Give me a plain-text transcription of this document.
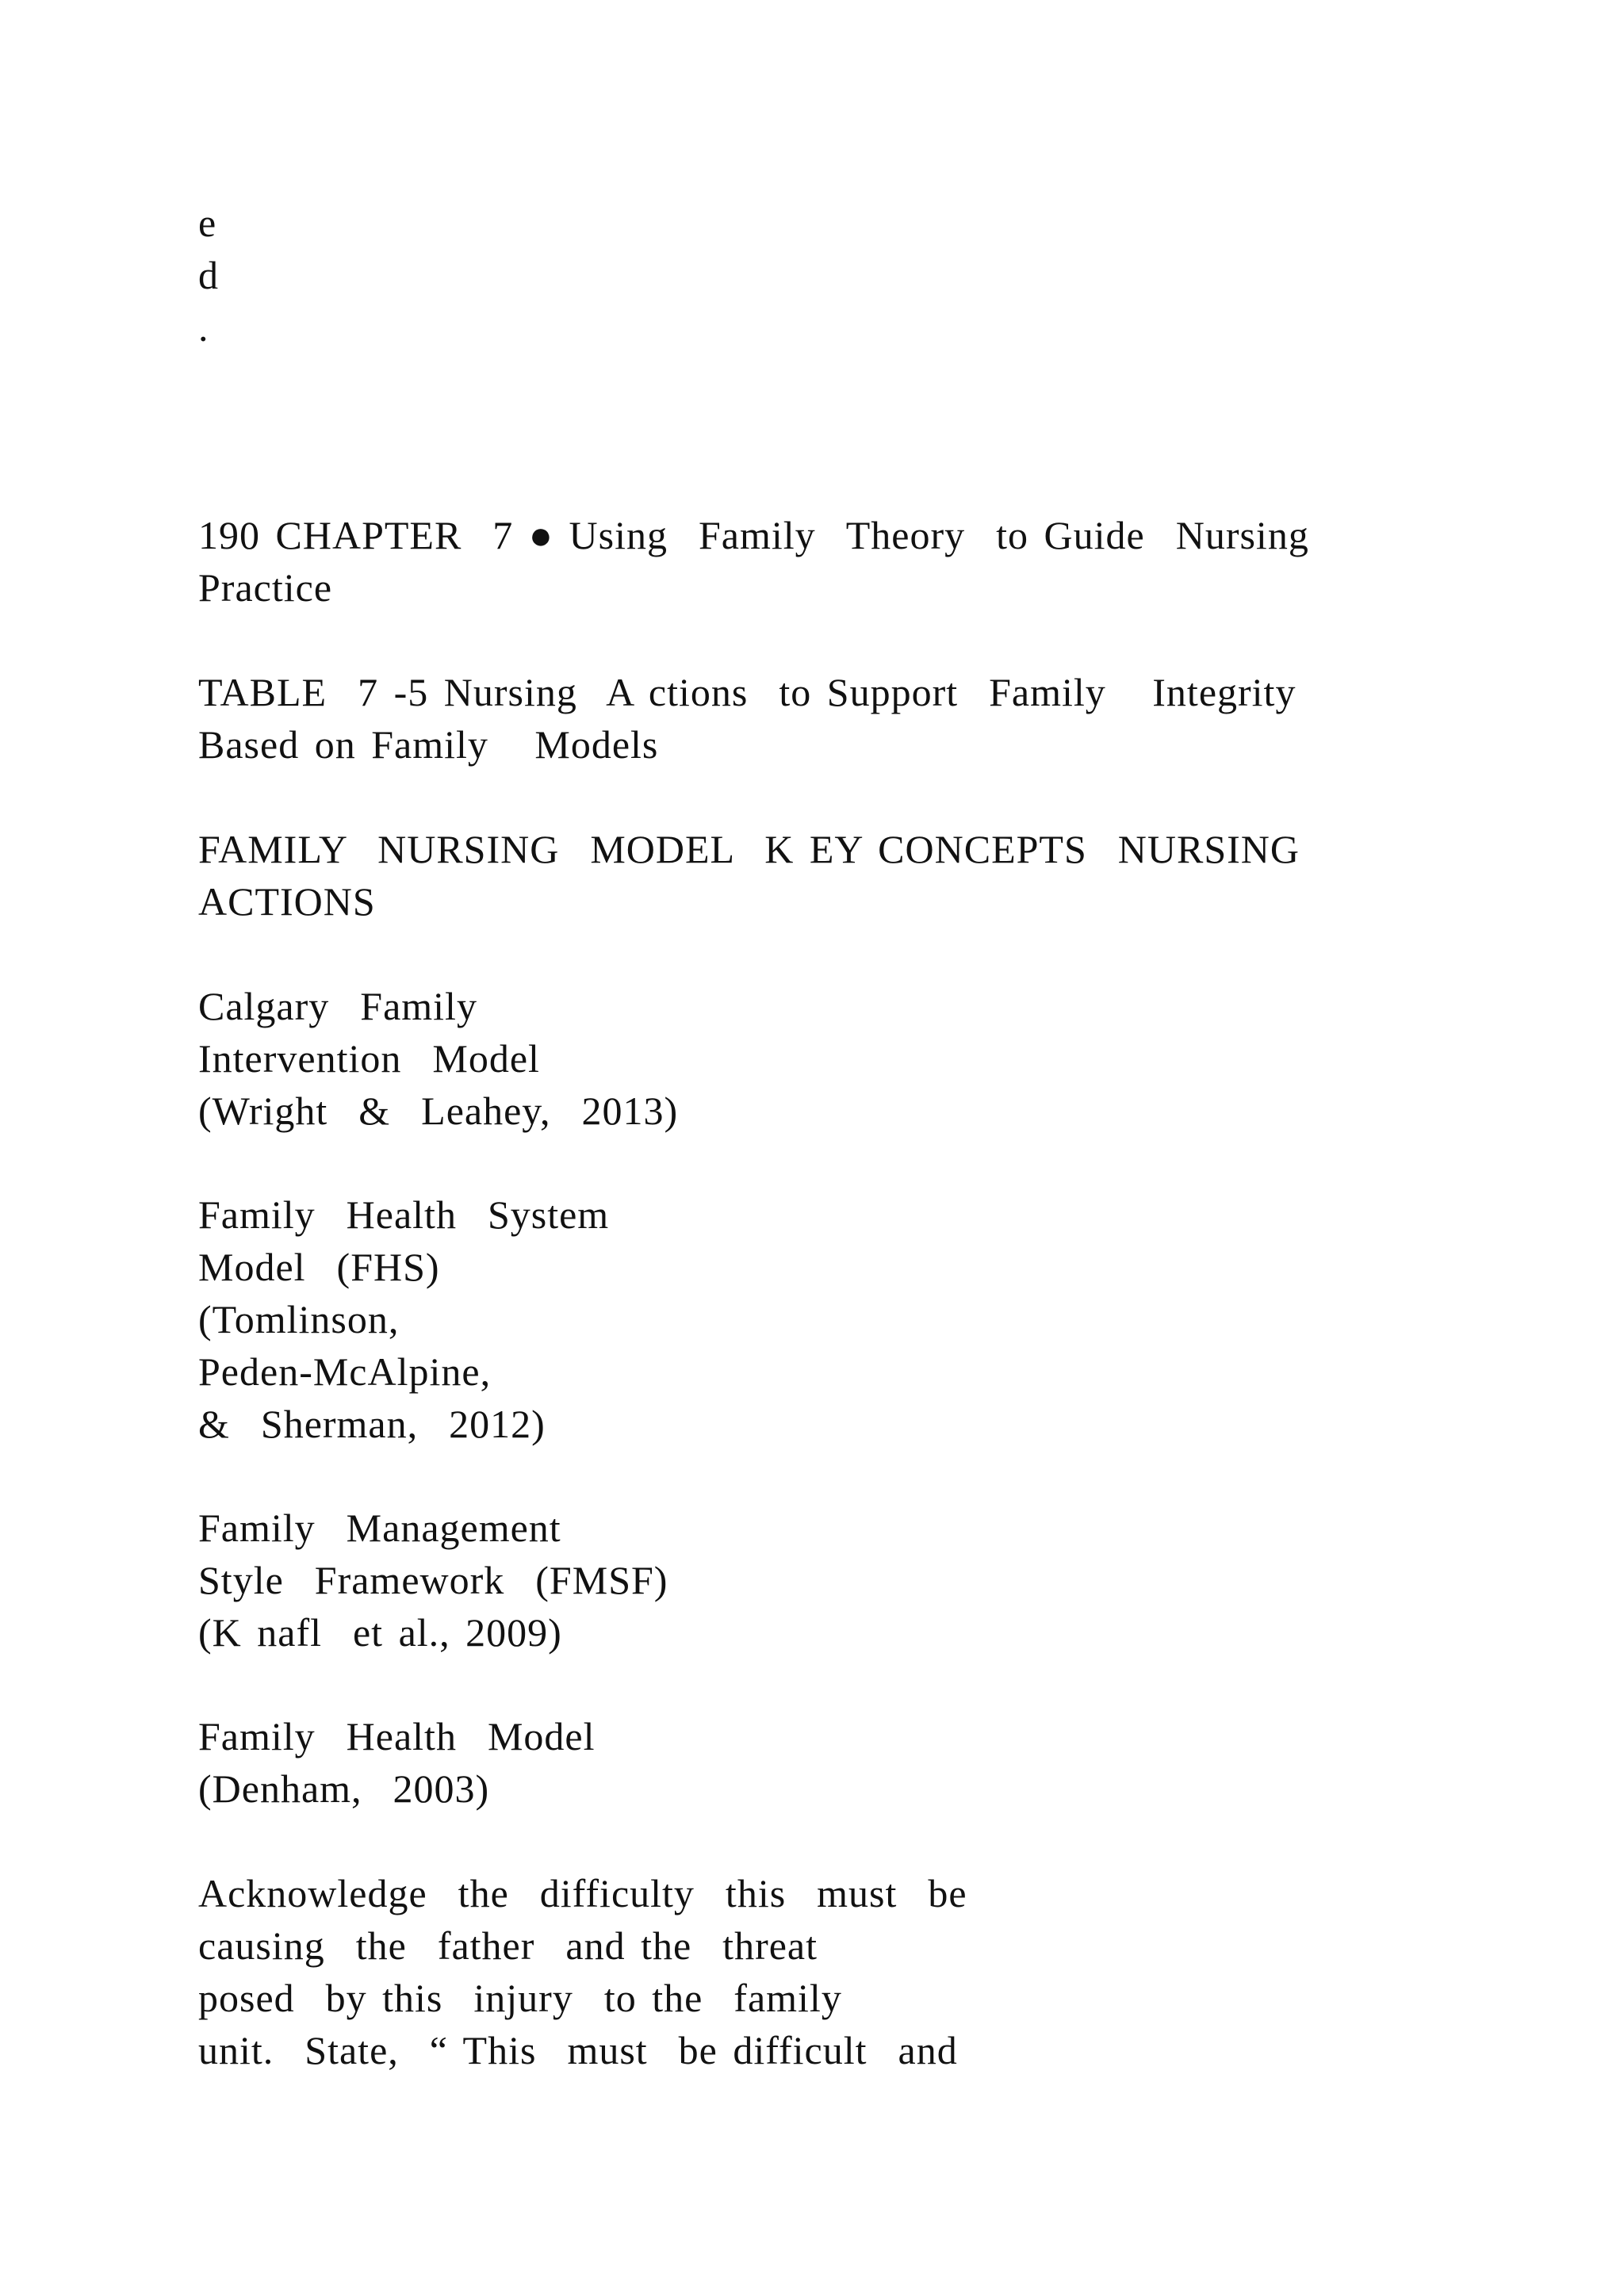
e
d
.
190 CHAPTER  7 ● Using  Family  Theory  to Guide  Nursing
Practice
TABLE  7 -5 Nursing  A ctions  to Support  Family   Integrity
Based on Family   Models
FAMILY  NURSING  MODEL  K EY CONCEPTS  NURSING
ACTIONS
Calgary  Family
Intervention  Model
(Wright  &  Leahey,  2013)
Family  Health  System
Model  (FHS)
(Tomlinson,
Peden-McAlpine,
&  Sherman,  2012)
Family  Management
Style  Framework  (FMSF)
(K nafl  et al., 2009)
Family  Health  Model
(Denham,  2003)
Acknowledge  the  difficulty  this  must  be
causing  the  father  and the  threat
posed  by this  injury  to the  family
unit.  State,  “ This  must  be difficult  and
